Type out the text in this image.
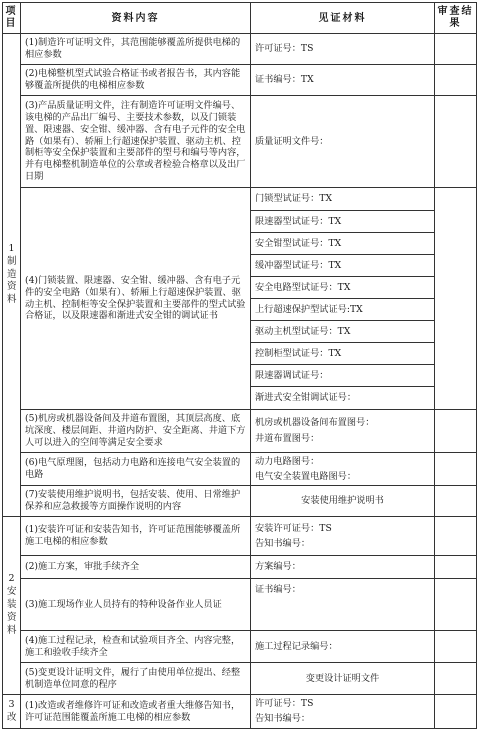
项目	资料内容	见证材料	审查结果
1制造资料	(1)制造许可证明文件，其范围能够覆盖所提供电梯的相应参数	许可证号：TS	
	(2)电梯整机型式试验合格证书或者报告书，其内容能够覆盖所提供的电梯相应参数	证书编号：TX	
	(3)产品质量证明文件，注有制造许可证明文件编号、该电梯的产品出厂编号、主要技术参数，以及门锁装置、限速器、安全钳、缓冲器、含有电子元件的安全电路（如果有）、轿厢上行超速保护装置、驱动主机、控制柜等安全保护装置和主要部件的型号和编号等内容，并有电梯整机制造单位的公章或者检验合格章以及出厂日期	质量证明文件号：	
	(4)门锁装置、限速器、安全钳、缓冲器、含有电子元件的安全电路（如果有）、轿厢上行超速保护装置、驱动主机、控制柜等安全保护装置和主要部件的型式试验合格证，以及限速器和渐进式安全钳的调试证书	门锁型试证号：TX	
		限速器型试证号：TX	
		安全钳型试证号：TX	
		缓冲器型试证号：TX	
		安全电路型试证号：TX	
		上行超速保护型试证号:TX	
		驱动主机型试证号：TX	
		控制柜型试证号：TX	
		限速器调试证号：	
		渐进式安全钳调试证号：	
	(5)机房或机器设备间及井道布置图，其顶层高度、底坑深度、楼层间距、井道内防护、安全距离、井道下方人可以进入的空间等满足安全要求	机房或机器设备间布置图号：
井道布置图号：	

	(6)电气原理图，包括动力电路和连接电气安全装置的电路	动力电路图号：
电气安全装置电路图号：	

	(7)安装使用维护说明书，包括安装、使用、日常维护保养和应急救援等方面操作说明的内容	安装使用维护说明书	
2安装资料	(1)安装许可证和安装告知书，许可证范围能够覆盖所施工电梯的相应参数	安装许可证号：TS
告知书编号：	

	(2)施工方案，审批手续齐全	方案编号：	
	(3)施工现场作业人员持有的特种设备作业人员证	证书编号：	
	(4)施工过程记录，检查和试验项目齐全、内容完整，施工和验收手续齐全	施工过程记录编号：	
	(5)变更设计证明文件，履行了由使用单位提出、经整机制造单位同意的程序	变更设计证明文件	
3改	(1)改造或者维修许可证和改造或者重大维修告知书，许可证范围能覆盖所施工电梯的相应参数	许可证号：TS
告知书编号：	
